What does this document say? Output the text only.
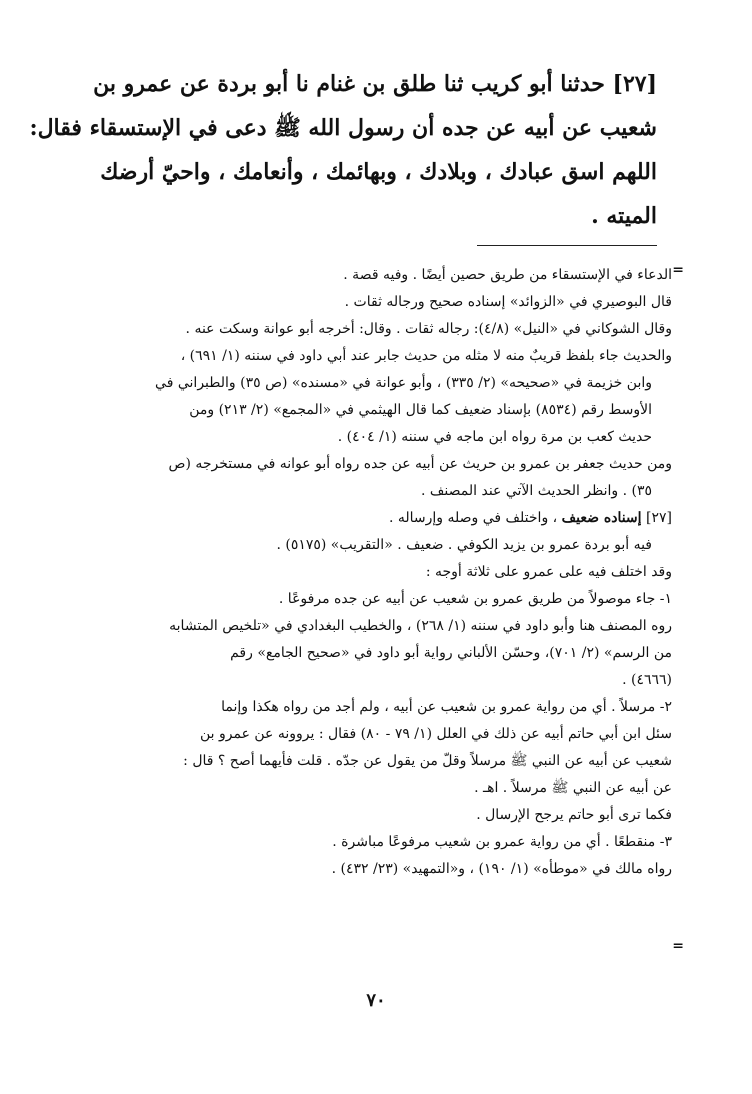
[٢٧] حدثنا أبو كريب ثنا طلق بن غنام نا أبو بردة عن عمرو بن
شعيب عن أبيه عن جده أن رسول الله ﷺ دعى في الإستسقاء فقال:
اللهم اسق عبادك ، وبلادك ، وبهائمك ، وأنعامك ، واحيّ أرضك
الميته .
=
الدعاء في الإستسقاء من طريق حصين أيضًا . وفيه قصة .
قال البوصيري في «الزوائد» إسناده صحيح ورجاله ثقات .
وقال الشوكاني في «النيل» (٤/٨): رجاله ثقات . وقال: أخرجه أبو عوانة وسكت عنه .
والحديث جاء بلفظ قريبٌ منه لا مثله من حديث جابر عند أبي داود في سننه (١/ ٦٩١) ،
وابن خزيمة في «صحيحه» (٢/ ٣٣٥) ، وأبو عوانة في «مسنده» (ص ٣٥) والطبراني في
الأوسط رقم (٨٥٣٤) بإسناد ضعيف كما قال الهيثمي في «المجمع» (٢/ ٢١٣) ومن
حديث كعب بن مرة رواه ابن ماجه في سننه (١/ ٤٠٤) .
ومن حديث جعفر بن عمرو بن حريث عن أبيه عن جده رواه أبو عوانه في مستخرجه (ص
٣٥) . وانظر الحديث الآتي عند المصنف .
[٢٧] إسناده ضعيف ، واختلف في وصله وإرساله .
فيه أبو بردة عمرو بن يزيد الكوفي . ضعيف . «التقريب» (٥١٧٥) .
وقد اختلف فيه على عمرو على ثلاثة أوجه :
١- جاء موصولاً من طريق عمرو بن شعيب عن أبيه عن جده مرفوعًا .
روه المصنف هنا وأبو داود في سننه (١/ ٢٦٨) ، والخطيب البغدادي في «تلخيص المتشابه
من الرسم» (٢/ ٧٠١)، وحسّن الألباني رواية أبو داود في «صحيح الجامع» رقم
(٤٦٦٦) .
٢- مرسلاً . أي من رواية عمرو بن شعيب عن أبيه ، ولم أجد من رواه هكذا وإنما
سئل ابن أبي حاتم أبيه عن ذلك في العلل (١/ ٧٩ - ٨٠) فقال : يروونه عن عمرو بن
شعيب عن أبيه عن النبي ﷺ مرسلاً وقلّ من يقول عن جدّه . قلت فأيهما أصح ؟ قال :
عن أبيه عن النبي ﷺ مرسلاً . اهـ .
فكما ترى أبو حاتم يرجح الإرسال .
٣- منقطعًا . أي من رواية عمرو بن شعيب مرفوعًا مباشرة .
رواه مالك في «موطأه» (١/ ١٩٠) ، و«التمهيد» (٢٣/ ٤٣٢) .
=
٧٠
